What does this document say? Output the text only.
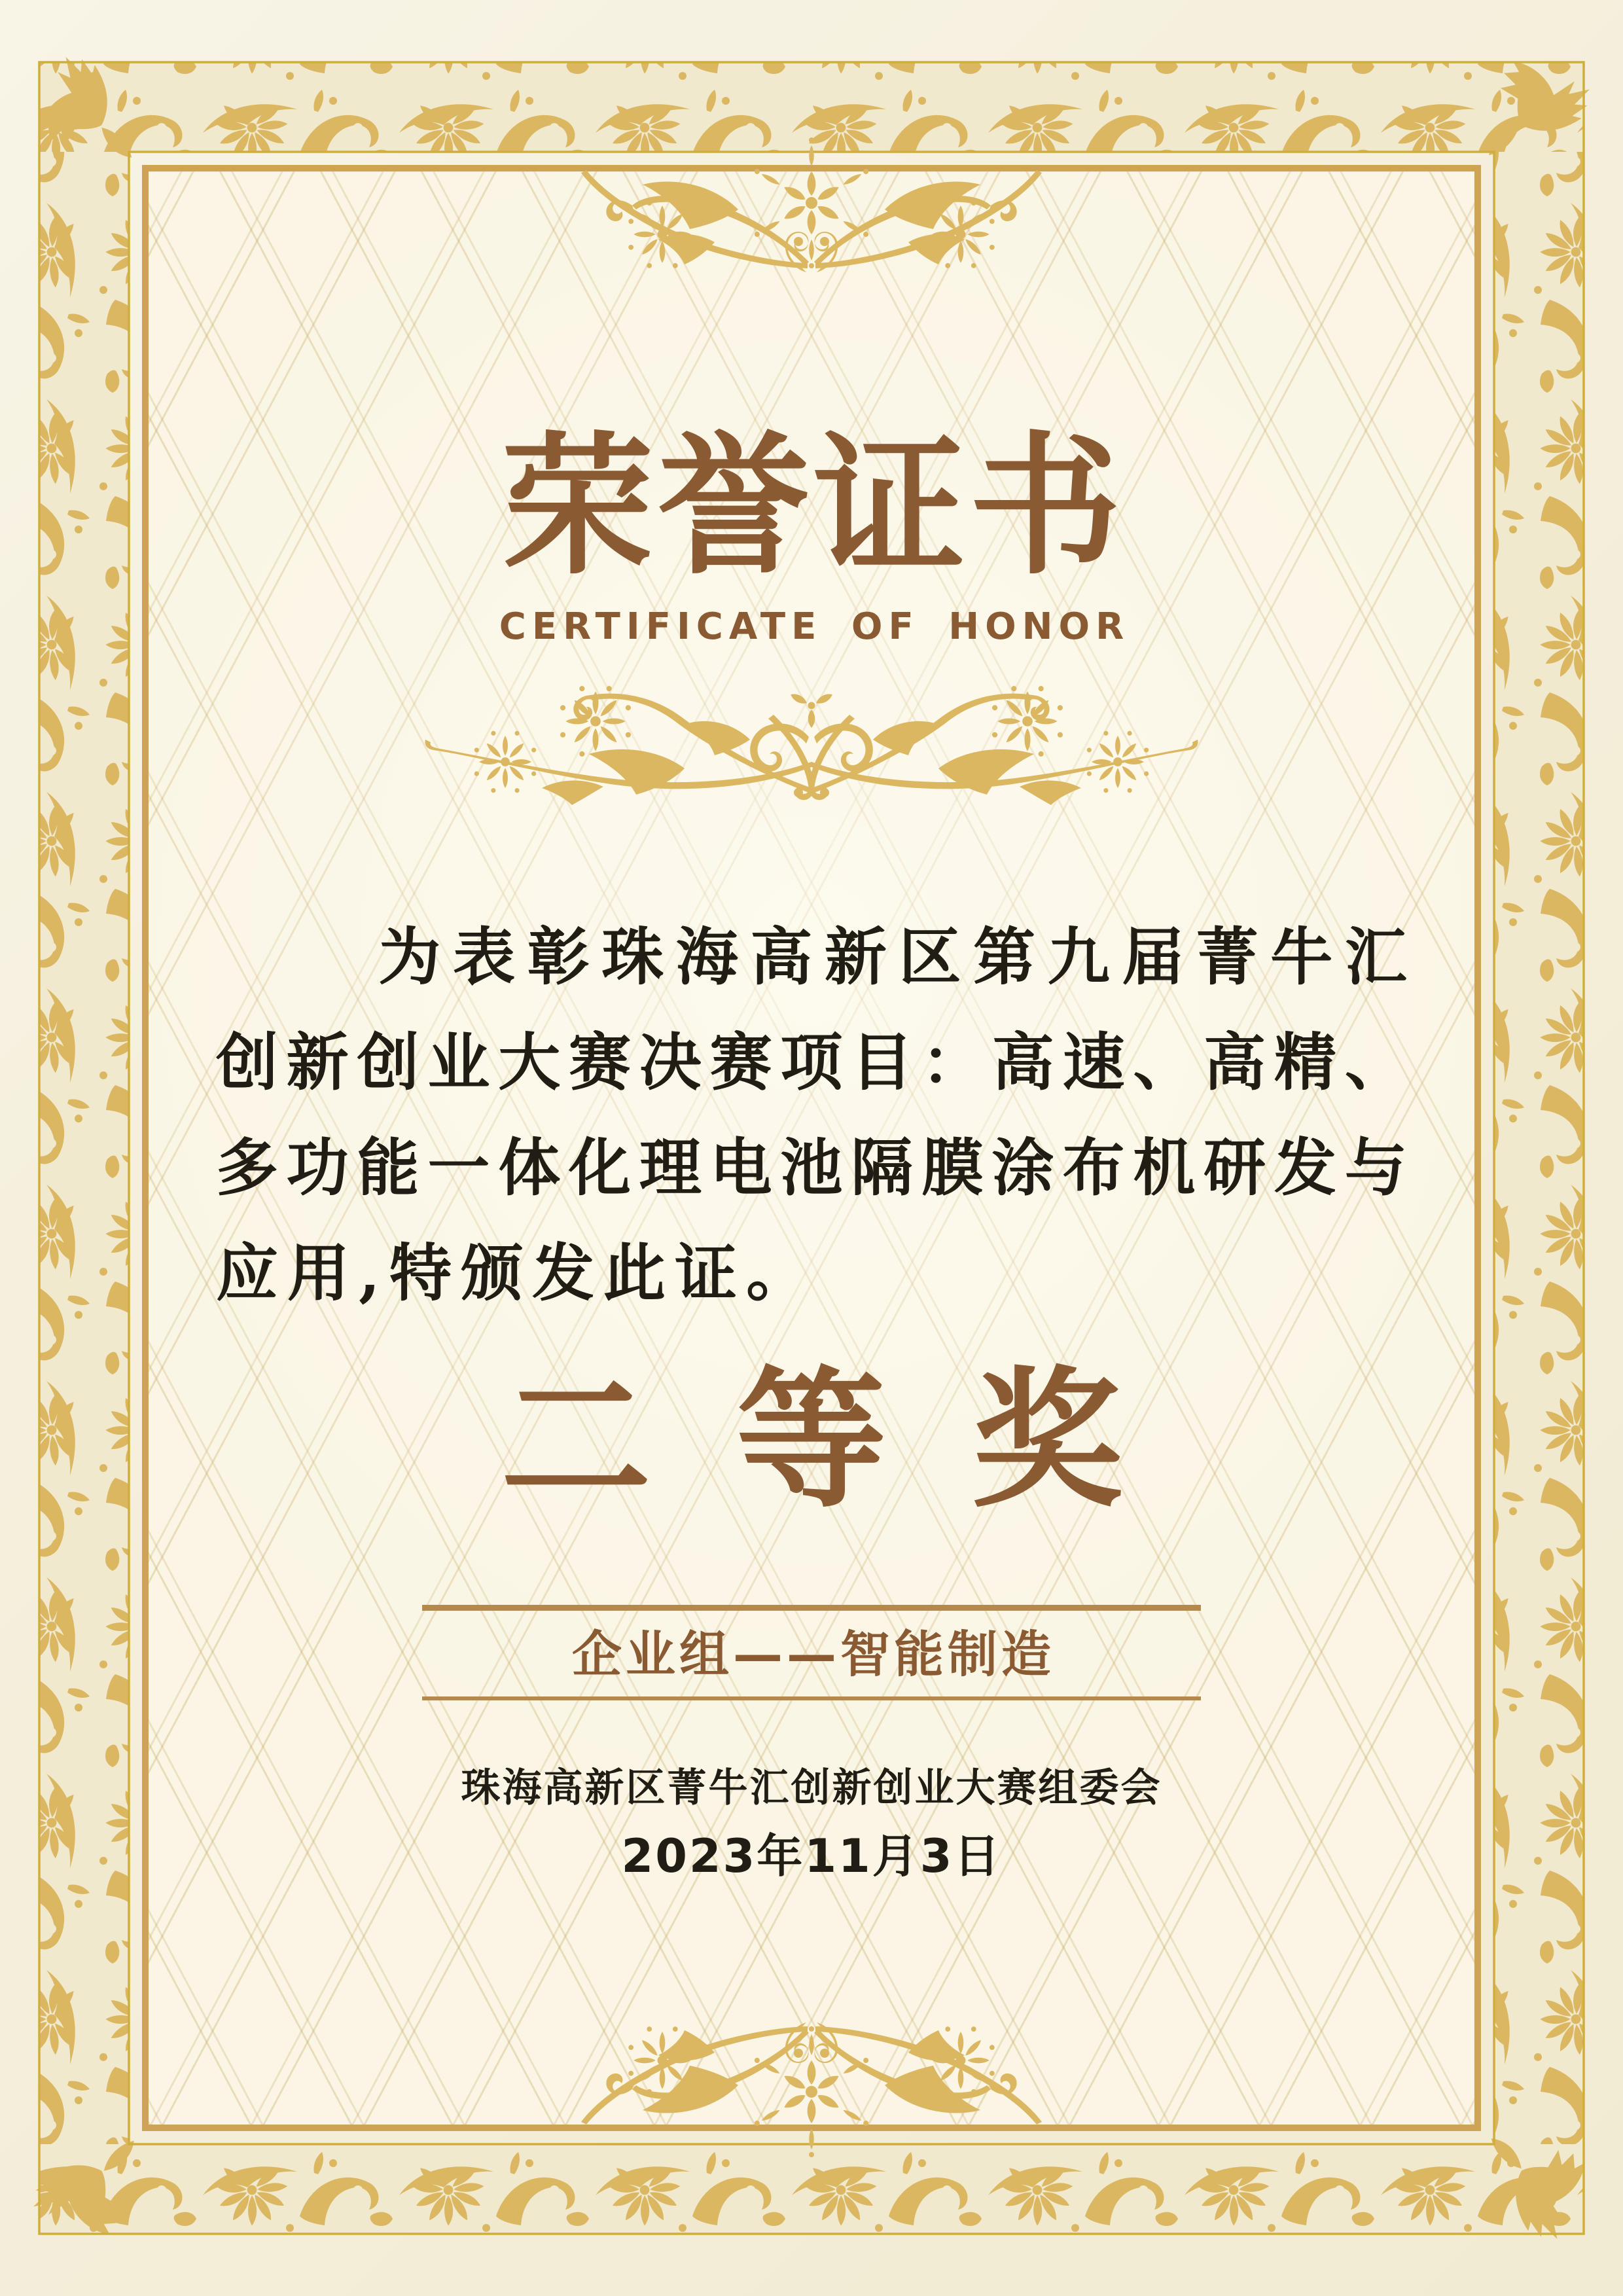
荣誉证书
CERTIFICATE OF HONOR
为 表 彰 珠 海 高 新 区 第 九 届 菁 牛 汇
创 新 创 业 大 赛 决 赛 项 目 ： 高 速 、 高 精 、
多 功 能 一 体 化 理 电 池 隔 膜 涂 布 机 研 发 与
应用,特颁发此证。
二等奖
企业组——智能制造
珠海高新区菁牛汇创新创业大赛组委会
2023年11月3日
